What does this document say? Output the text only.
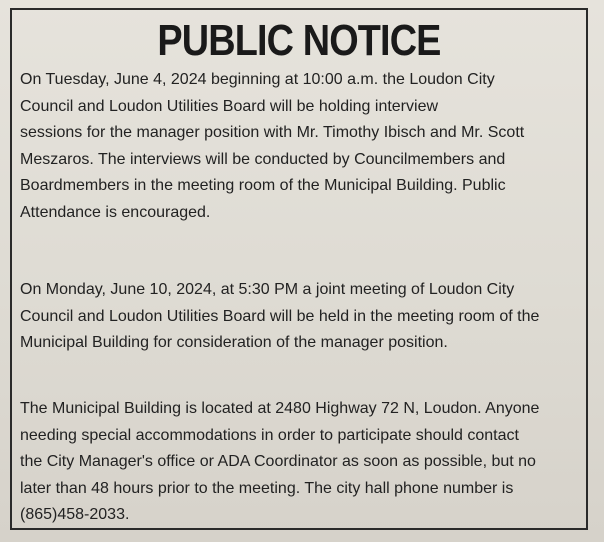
PUBLIC NOTICE
On Tuesday, June 4, 2024 beginning at 10:00 a.m. the Loudon City
Council and Loudon Utilities Board will be holding interview
sessions for the manager position with Mr. Timothy Ibisch and Mr. Scott
Meszaros. The interviews will be conducted by Councilmembers and
Boardmembers in the meeting room of the Municipal Building. Public
Attendance is encouraged.
On Monday, June 10, 2024, at 5:30 PM a joint meeting of Loudon City
Council and Loudon Utilities Board will be held in the meeting room of the
Municipal Building for consideration of the manager position.
The Municipal Building is located at 2480 Highway 72 N, Loudon. Anyone
needing special accommodations in order to participate should contact
the City Manager's office or ADA Coordinator as soon as possible, but no
later than 48 hours prior to the meeting. The city hall phone number is
(865)458-2033.
